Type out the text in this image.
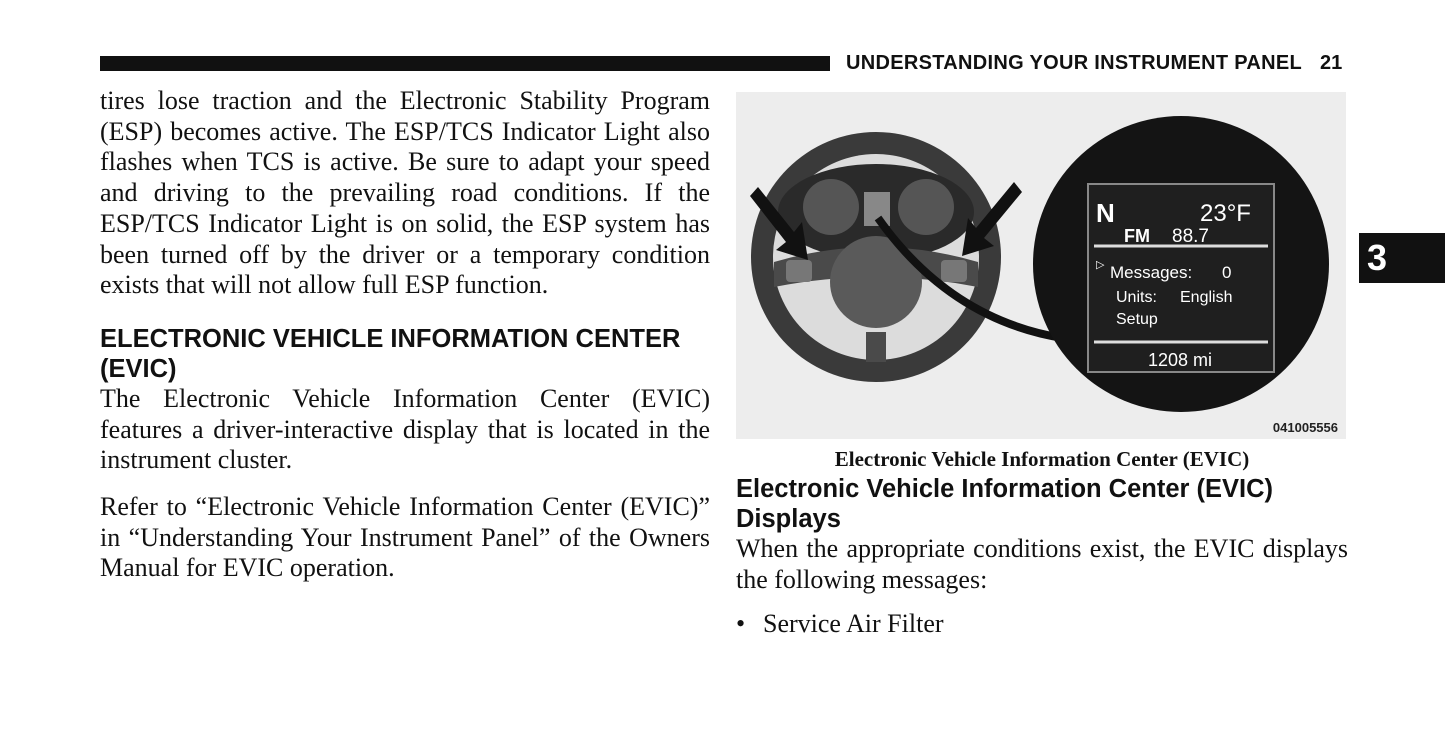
UNDERSTANDING YOUR INSTRUMENT PANEL 21
3

tires lose traction and the Electronic Stability Program (ESP) becomes active. The ESP/TCS Indicator Light also flashes when TCS is active. Be sure to adapt your speed and driving to the prevailing road conditions. If the ESP/TCS Indicator Light is on solid, the ESP system has been turned off by the driver or a temporary condition exists that will not allow full ESP function.

ELECTRONIC VEHICLE INFORMATION CENTER
(EVIC)

The Electronic Vehicle Information Center (EVIC) features a driver-interactive display that is located in the instrument cluster.

Refer to “Electronic Vehicle Information Center (EVIC)” in “Understanding Your Instrument Panel” of the Owners Manual for EVIC operation.

N	23°F
FM 88.7
▷ Messages: 0
Units: English
Setup
1208 mi
041005556
Electronic Vehicle Information Center (EVIC)
Electronic Vehicle Information Center (EVIC)
Displays

When the appropriate conditions exist, the EVIC displays the following messages:

• Service Air Filter
